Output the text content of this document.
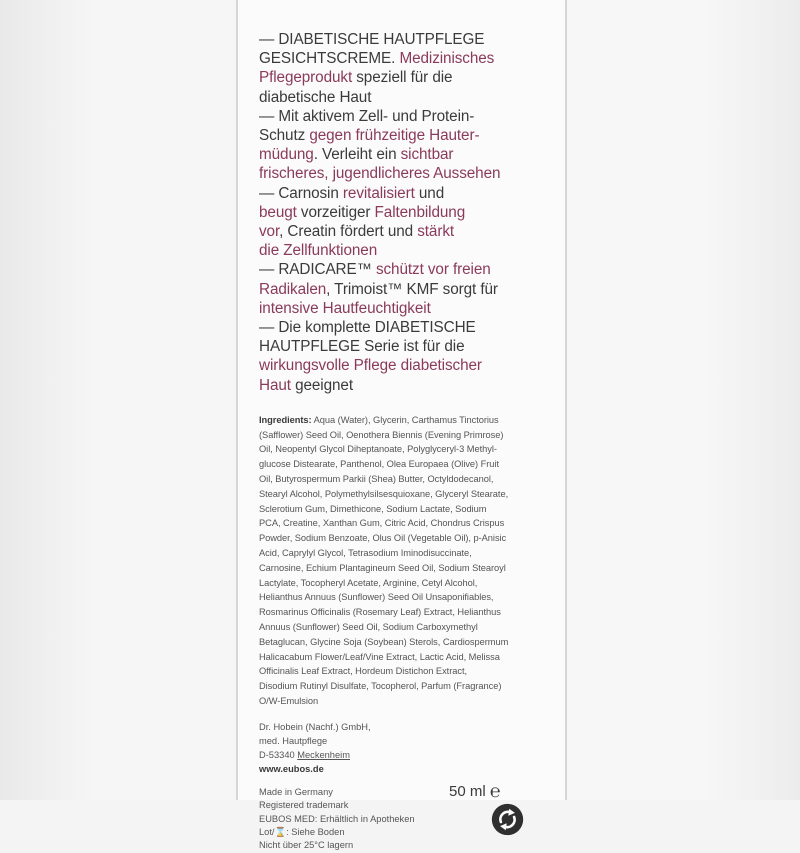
— DIABETISCHE HAUTPFLEGE
GESICHTSCREME. Medizinisches
Pflegeprodukt speziell für die
diabetische Haut
— Mit aktivem Zell- und Protein-
Schutz gegen frühzeitige Hauter-
müdung. Verleiht ein sichtbar
frischeres, jugendlicheres Aussehen
— Carnosin revitalisiert und
beugt vorzeitiger Faltenbildung
vor, Creatin fördert und stärkt
die Zellfunktionen
— RADICARE™ schützt vor freien
Radikalen, Trimoist™ KMF sorgt für
intensive Hautfeuchtigkeit
— Die komplette DIABETISCHE
HAUTPFLEGE Serie ist für die
wirkungsvolle Pflege diabetischer
Haut geeignet
Ingredients: Aqua (Water), Glycerin, Carthamus Tinctorius
(Safflower) Seed Oil, Oenothera Biennis (Evening Primrose)
Oil, Neopentyl Glycol Diheptanoate, Polyglyceryl-3 Methyl-
glucose Distearate, Panthenol, Olea Europaea (Olive) Fruit
Oil, Butyrospermum Parkii (Shea) Butter, Octyldodecanol,
Stearyl Alcohol, Polymethylsilsesquioxane, Glyceryl Stearate,
Sclerotium Gum, Dimethicone, Sodium Lactate, Sodium
PCA, Creatine, Xanthan Gum, Citric Acid, Chondrus Crispus
Powder, Sodium Benzoate, Olus Oil (Vegetable Oil), p-Anisic
Acid, Caprylyl Glycol, Tetrasodium Iminodisuccinate,
Carnosine, Echium Plantagineum Seed Oil, Sodium Stearoyl
Lactylate, Tocopheryl Acetate, Arginine, Cetyl Alcohol,
Helianthus Annuus (Sunflower) Seed Oil Unsaponifiables,
Rosmarinus Officinalis (Rosemary Leaf) Extract, Helianthus
Annuus (Sunflower) Seed Oil, Sodium Carboxymethyl
Betaglucan, Glycine Soja (Soybean) Sterols, Cardiospermum
Halicacabum Flower/Leaf/Vine Extract, Lactic Acid, Melissa
Officinalis Leaf Extract, Hordeum Distichon Extract,
Disodium Rutinyl Disulfate, Tocopherol, Parfum (Fragrance)
O/W-Emulsion
Dr. Hobein (Nachf.) GmbH,
med. Hautpflege
D-53340 Meckenheim
www.eubos.de
Made in Germany
Registered trademark
EUBOS MED: Erhältlich in Apotheken
Lot/⌛: Siehe Boden
Nicht über 25°C lagern
50 ml ℮
